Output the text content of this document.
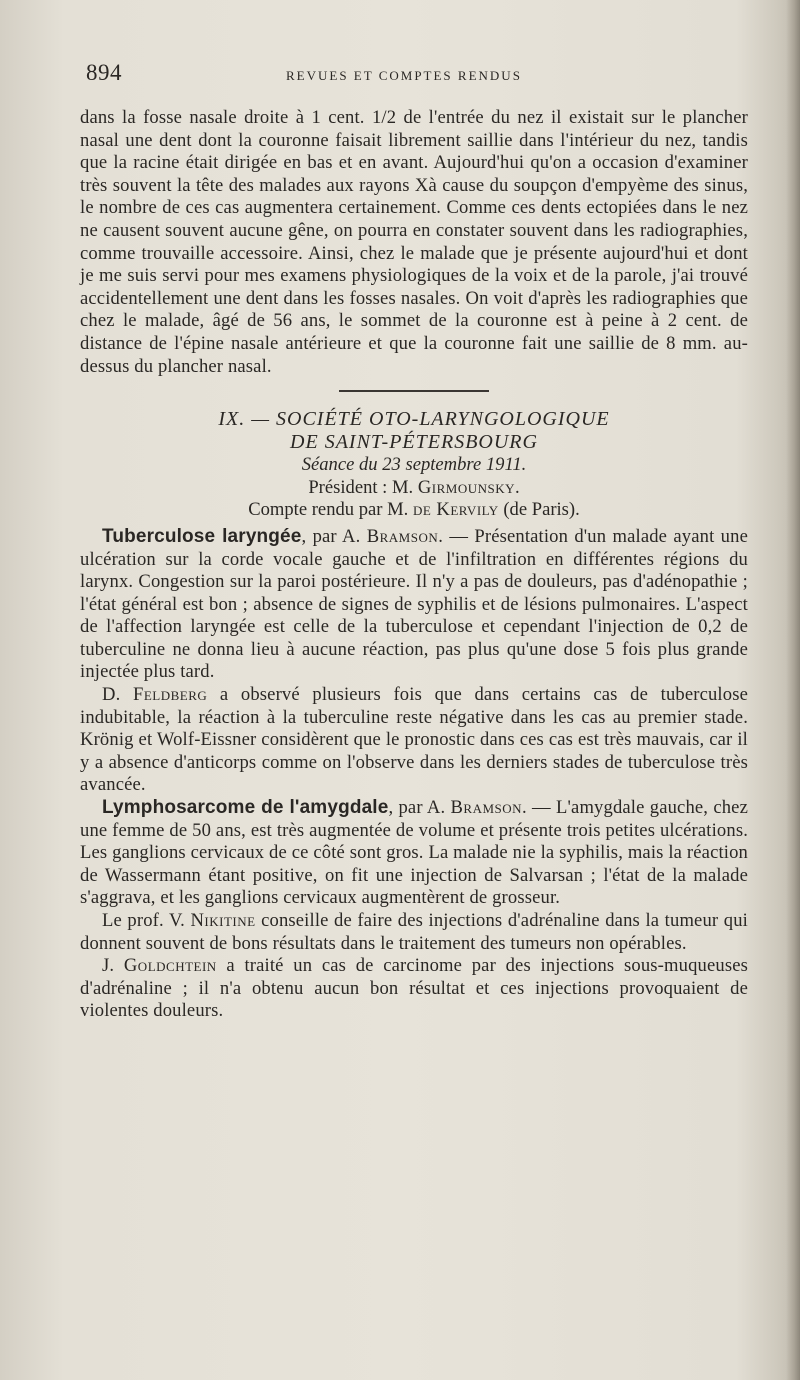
894	REVUES ET COMPTES RENDUS

dans la fosse nasale droite à 1 cent. 1/2 de l'entrée du nez il existait sur le plancher nasal une dent dont la couronne faisait librement saillie dans l'intérieur du nez, tandis que la racine était dirigée en bas et en avant. Aujourd'hui qu'on a occasion d'examiner très souvent la tête des malades aux rayons Xà cause du soupçon d'empyème des sinus, le nombre de ces cas augmentera certainement. Comme ces dents ectopiées dans le nez ne causent souvent aucune gêne, on pourra en constater souvent dans les radiographies, comme trouvaille accessoire. Ainsi, chez le malade que je présente aujourd'hui et dont je me suis servi pour mes examens physiologiques de la voix et de la parole, j'ai trouvé accidentellement une dent dans les fosses nasales. On voit d'après les radiographies que chez le malade, âgé de 56 ans, le sommet de la couronne est à peine à 2 cent. de distance de l'épine nasale antérieure et que la couronne fait une saillie de 8 mm. au-dessus du plancher nasal.

IX. — SOCIÉTÉ OTO-LARYNGOLOGIQUE
DE SAINT-PÉTERSBOURG
Séance du 23 septembre 1911.
Président : M. Girmounsky.
Compte rendu par M. de Kervily (de Paris).

Tuberculose laryngée, par A. Bramson. — Présentation d'un malade ayant une ulcération sur la corde vocale gauche et de l'infiltration en différentes régions du larynx. Congestion sur la paroi postérieure. Il n'y a pas de douleurs, pas d'adénopathie ; l'état général est bon ; absence de signes de syphilis et de lésions pulmonaires. L'aspect de l'affection laryngée est celle de la tuberculose et cependant l'injection de 0,2 de tuberculine ne donna lieu à aucune réaction, pas plus qu'une dose 5 fois plus grande injectée plus tard.

D. Feldberg a observé plusieurs fois que dans certains cas de tuberculose indubitable, la réaction à la tuberculine reste négative dans les cas au premier stade. Krönig et Wolf-Eissner considèrent que le pronostic dans ces cas est très mauvais, car il y a absence d'anticorps comme on l'observe dans les derniers stades de tuberculose très avancée.

Lymphosarcome de l'amygdale, par A. Bramson. — L'amygdale gauche, chez une femme de 50 ans, est très augmentée de volume et présente trois petites ulcérations. Les ganglions cervicaux de ce côté sont gros. La malade nie la syphilis, mais la réaction de Wassermann étant positive, on fit une injection de Salvarsan ; l'état de la malade s'aggrava, et les ganglions cervicaux augmentèrent de grosseur.

Le prof. V. Nikitine conseille de faire des injections d'adrénaline dans la tumeur qui donnent souvent de bons résultats dans le traitement des tumeurs non opérables.

J. Goldchtein a traité un cas de carcinome par des injections sous-muqueuses d'adrénaline ; il n'a obtenu aucun bon résultat et ces injections provoquaient de violentes douleurs.
